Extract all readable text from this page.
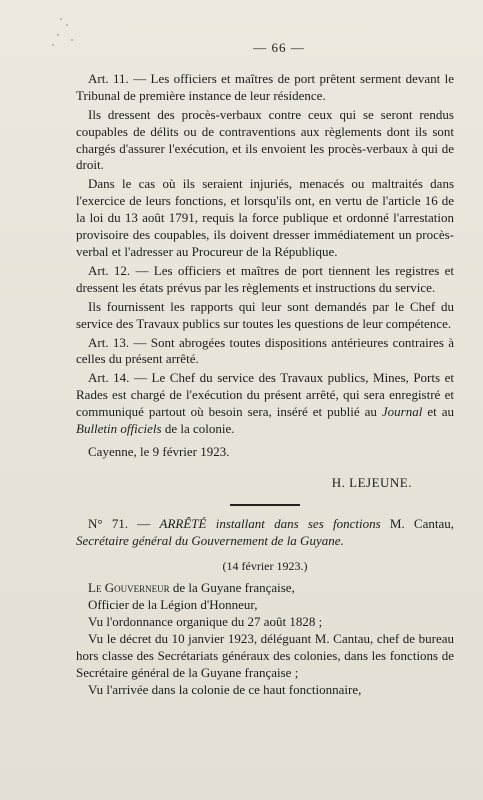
— 66 —

Art. 11. — Les officiers et maîtres de port prêtent serment devant le Tribunal de première instance de leur résidence.

Ils dressent des procès-verbaux contre ceux qui se seront rendus coupables de délits ou de contraventions aux règlements dont ils sont chargés d'assurer l'exécution, et ils envoient les procès-verbaux à qui de droit.

Dans le cas où ils seraient injuriés, menacés ou maltraités dans l'exercice de leurs fonctions, et lorsqu'ils ont, en vertu de l'article 16 de la loi du 13 août 1791, requis la force publique et ordonné l'arrestation provisoire des coupables, ils doivent dresser immédiatement un procès-verbal et l'adresser au Procureur de la République.

Art. 12. — Les officiers et maîtres de port tiennent les registres et dressent les états prévus par les règlements et instructions du service.

Ils fournissent les rapports qui leur sont demandés par le Chef du service des Travaux publics sur toutes les questions de leur compétence.

Art. 13. — Sont abrogées toutes dispositions antérieures contraires à celles du présent arrêté.

Art. 14. — Le Chef du service des Travaux publics, Mines, Ports et Rades est chargé de l'exécution du présent arrêté, qui sera enregistré et communiqué partout où besoin sera, inséré et publié au Journal et au Bulletin officiels de la colonie.

Cayenne, le 9 février 1923.

H. LEJEUNE.

N° 71. — ARRÊTÉ installant dans ses fonctions M. Cantau, Secrétaire général du Gouvernement de la Guyane.

(14 février 1923.)

Le Gouverneur de la Guyane française,

Officier de la Légion d'Honneur,

Vu l'ordonnance organique du 27 août 1828 ;

Vu le décret du 10 janvier 1923, déléguant M. Cantau, chef de bureau hors classe des Secrétariats généraux des colonies, dans les fonctions de Secrétaire général de la Guyane française ;

Vu l'arrivée dans la colonie de ce haut fonctionnaire,
